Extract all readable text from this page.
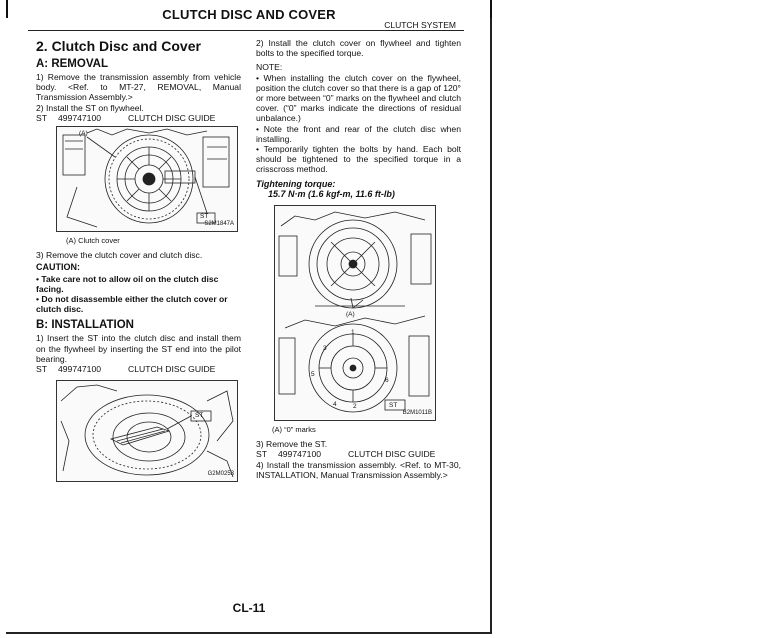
CLUTCH DISC AND COVER
CLUTCH SYSTEM
2. Clutch Disc and Cover
A: REMOVAL

1) Remove the transmission assembly from vehicle body. <Ref. to MT-27, REMOVAL, Manual Transmission Assembly.>

2) Install the ST on flywheel.

ST	499747100	CLUTCH DISC GUIDE
(A)
ST
S2M1847A
(A) Clutch cover

3) Remove the clutch cover and clutch disc.

CAUTION:

• Take care not to allow oil on the clutch disc facing.

• Do not disassemble either the clutch cover or clutch disc.

B: INSTALLATION

1) Insert the ST into the clutch disc and install them on the flywheel by inserting the ST end into the pilot bearing.

ST	499747100	CLUTCH DISC GUIDE
ST
G2M0253

2) Install the clutch cover on flywheel and tighten bolts to the specified torque.

NOTE:

• When installing the clutch cover on the flywheel, position the clutch cover so that there is a gap of 120° or more between “0” marks on the flywheel and clutch cover. (“0” marks indicate the directions of residual unbalance.)

• Note the front and rear of the clutch disc when installing.

• Temporarily tighten the bolts by hand. Each bolt should be tightened to the specified torque in a crisscross method.

Tightening torque:
15.7 N·m (1.6 kgf-m, 11.6 ft-lb)
(A)
1
2
3
4
5
6
ST
B2M1011B
(A) “0” marks

3) Remove the ST.

ST	499747100	CLUTCH DISC GUIDE

4) Install the transmission assembly. <Ref. to MT-30, INSTALLATION, Manual Transmission Assembly.>

CL-11
